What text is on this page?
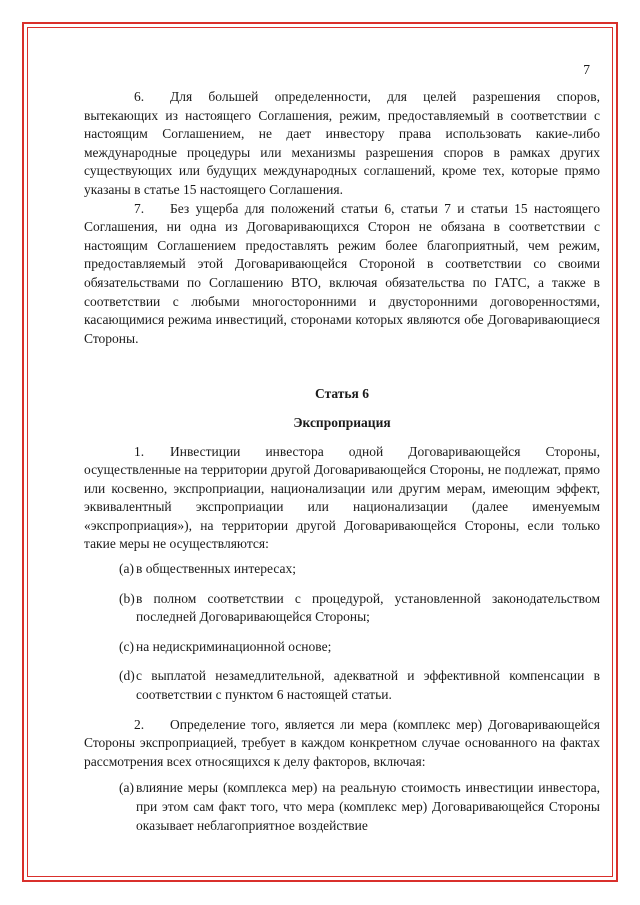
7

6. Для большей определенности, для целей разрешения споров, вытекающих из настоящего Соглашения, режим, предоставляемый в соответствии с настоящим Соглашением, не дает инвестору права использовать какие-либо международные процедуры или механизмы разрешения споров в рамках других существующих или будущих международных соглашений, кроме тех, которые прямо указаны в статье 15 настоящего Соглашения.

7. Без ущерба для положений статьи 6, статьи 7 и статьи 15 настоящего Соглашения, ни одна из Договаривающихся Сторон не обязана в соответствии с настоящим Соглашением предоставлять режим более благоприятный, чем режим, предоставляемый этой Договаривающейся Стороной в соответствии со своими обязательствами по Соглашению ВТО, включая обязательства по ГАТС, а также в соответствии с любыми многосторонними и двусторонними договоренностями, касающимися режима инвестиций, сторонами которых являются обе Договаривающиеся Стороны.

Статья 6

Экспроприация

1. Инвестиции инвестора одной Договаривающейся Стороны, осуществленные на территории другой Договаривающейся Стороны, не подлежат, прямо или косвенно, экспроприации, национализации или другим мерам, имеющим эффект, эквивалентный экспроприации или национализации (далее именуемым «экспроприация»), на территории другой Договаривающейся Стороны, если только такие меры не осуществляются:

(a) в общественных интересах;
(b) в полном соответствии с процедурой, установленной законодательством последней Договаривающейся Стороны;
(c) на недискриминационной основе;
(d) с выплатой незамедлительной, адекватной и эффективной компенсации в соответствии с пунктом 6 настоящей статьи.

2. Определение того, является ли мера (комплекс мер) Договаривающейся Стороны экспроприацией, требует в каждом конкретном случае основанного на фактах рассмотрения всех относящихся к делу факторов, включая:

(a) влияние меры (комплекса мер) на реальную стоимость инвестиции инвестора, при этом сам факт того, что мера (комплекс мер) Договаривающейся Стороны оказывает неблагоприятное воздействие
